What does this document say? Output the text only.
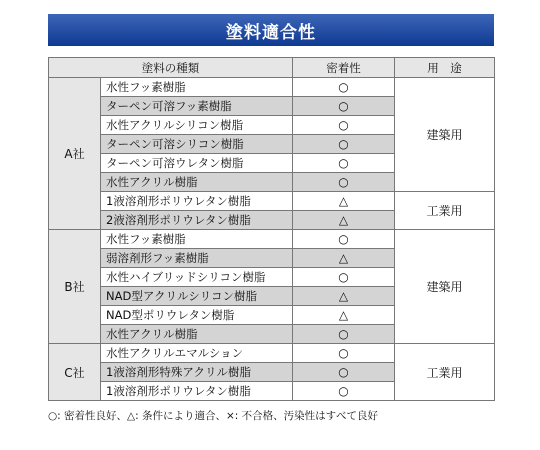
塗料適合性
塗料の種類		密着性	用　途
A社	水性フッ素樹脂	○	建築用
	ターペン可溶フッ素樹脂	○	
	水性アクリルシリコン樹脂	○	
	ターペン可溶シリコン樹脂	○	
	ターペン可溶ウレタン樹脂	○	
	水性アクリル樹脂	○	
	1液溶剤形ポリウレタン樹脂	△	工業用
	2液溶剤形ポリウレタン樹脂	△	
B社	水性フッ素樹脂	○	建築用
	弱溶剤形フッ素樹脂	△	
	水性ハイブリッドシリコン樹脂	○	
	NAD型アクリルシリコン樹脂	△	
	NAD型ポリウレタン樹脂	△	
	水性アクリル樹脂	○	
C社	水性アクリルエマルション	○	工業用
	1液溶剤形特殊アクリル樹脂	○	
	1液溶剤形ポリウレタン樹脂	○	
○: 密着性良好、△: 条件により適合、×: 不合格、汚染性はすべて良好
